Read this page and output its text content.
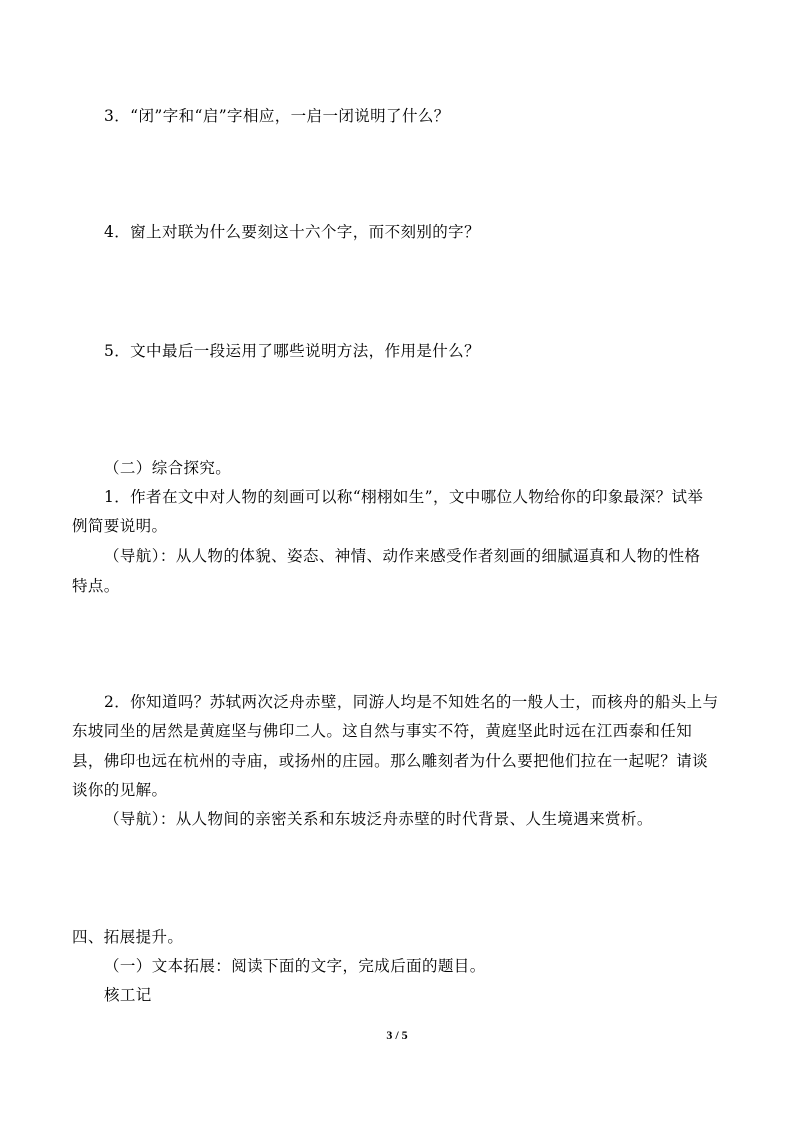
3．“闭”字和“启”字相应，一启一闭说明了什么？
4．窗上对联为什么要刻这十六个字，而不刻别的字？
5．文中最后一段运用了哪些说明方法，作用是什么？
（二）综合探究。
1．作者在文中对人物的刻画可以称“栩栩如生”，文中哪位人物给你的印象最深？试举
例简要说明。
（导航）：从人物的体貌、姿态、神情、动作来感受作者刻画的细腻逼真和人物的性格
特点。
2．你知道吗？苏轼两次泛舟赤壁，同游人均是不知姓名的一般人士，而核舟的船头上与
东坡同坐的居然是黄庭坚与佛印二人。这自然与事实不符，黄庭坚此时远在江西泰和任知
县，佛印也远在杭州的寺庙，或扬州的庄园。那么雕刻者为什么要把他们拉在一起呢？请谈
谈你的见解。
（导航）：从人物间的亲密关系和东坡泛舟赤壁的时代背景、人生境遇来赏析。
四、拓展提升。
（一）文本拓展：阅读下面的文字，完成后面的题目。
核工记
3 / 5
